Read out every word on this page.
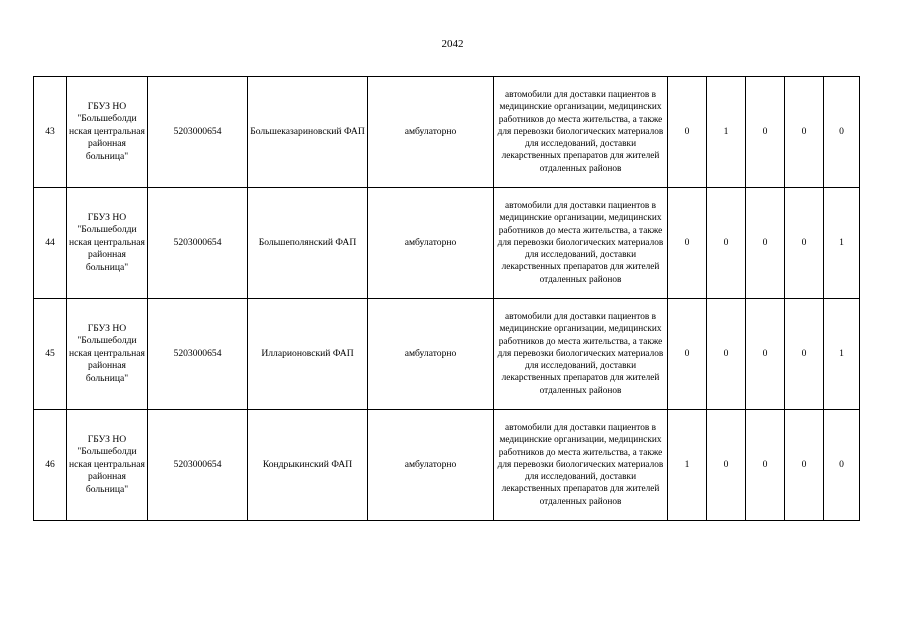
2042
43	ГБУЗ НО "Большеболди нская центральная районная больница"	5203000654	Большеказариновский ФАП	амбулаторно	автомобили для доставки пациентов в медицинские организации, медицинских работников до места жительства, а также для перевозки биологических материалов для исследований, доставки лекарственных препаратов для жителей отдаленных районов	0	1	0	0	0
44	ГБУЗ НО "Большеболди нская центральная районная больница"	5203000654	Большеполянский ФАП	амбулаторно	автомобили для доставки пациентов в медицинские организации, медицинских работников до места жительства, а также для перевозки биологических материалов для исследований, доставки лекарственных препаратов для жителей отдаленных районов	0	0	0	0	1
45	ГБУЗ НО "Большеболди нская центральная районная больница"	5203000654	Илларионовский ФАП	амбулаторно	автомобили для доставки пациентов в медицинские организации, медицинских работников до места жительства, а также для перевозки биологических материалов для исследований, доставки лекарственных препаратов для жителей отдаленных районов	0	0	0	0	1
46	ГБУЗ НО "Большеболди нская центральная районная больница"	5203000654	Кондрыкинский ФАП	амбулаторно	автомобили для доставки пациентов в медицинские организации, медицинских работников до места жительства, а также для перевозки биологических материалов для исследований, доставки лекарственных препаратов для жителей отдаленных районов	1	0	0	0	0
